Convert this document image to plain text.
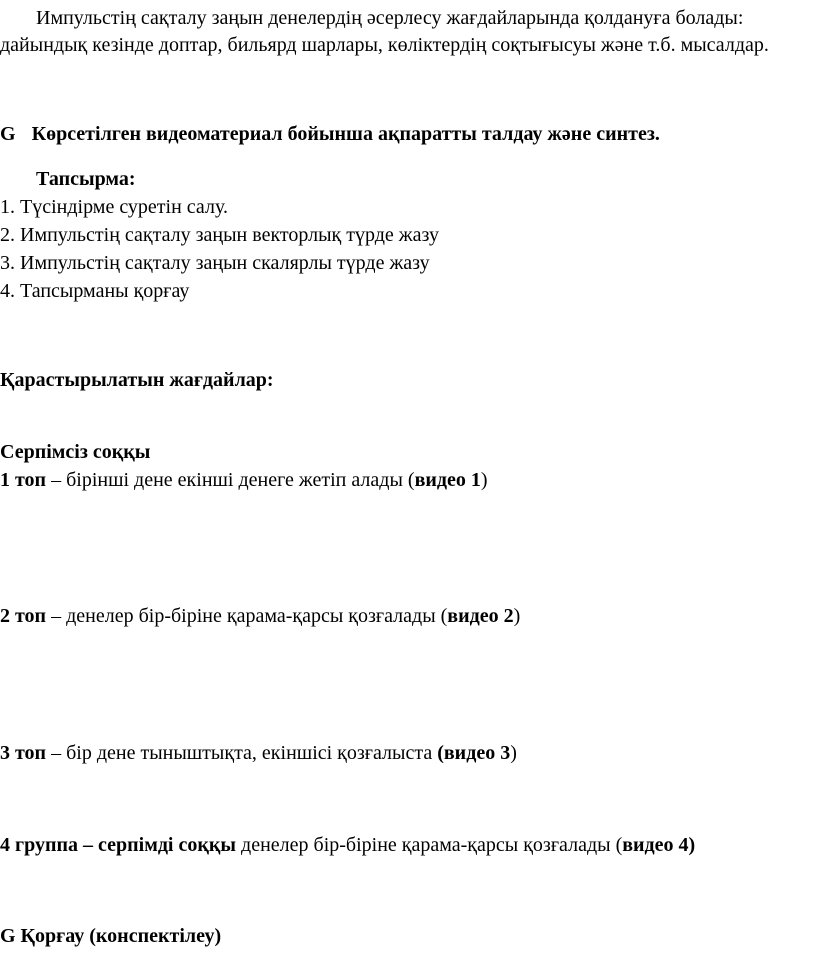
Импульстің сақталу заңын денелердің әсерлесу жағдайларында қолдануға болады:
дайындық кезінде доптар, бильярд шарлары, көліктердің соқтығысуы және т.б. мысалдар.
G Көрсетілген видеоматериал бойынша ақпаратты талдау және синтез.
Тапсырма:
1. Түсіндірме суретін салу.
2. Импульстің сақталу заңын векторлық түрде жазу
3. Импульстің сақталу заңын скалярлы түрде жазу
4. Тапсырманы қорғау
Қарастырылатын жағдайлар:
Серпімсіз соққы
1 топ – бірінші дене екінші денеге жетіп алады (видео 1)
2 топ – денелер бір-біріне қарама-қарсы қозғалады (видео 2)
3 топ – бір дене тыныштықта, екіншісі қозғалыста (видео 3)
4 группа – серпімді соққы денелер бір-біріне қарама-қарсы қозғалады (видео 4)
G Қорғау (конспектілеу)
